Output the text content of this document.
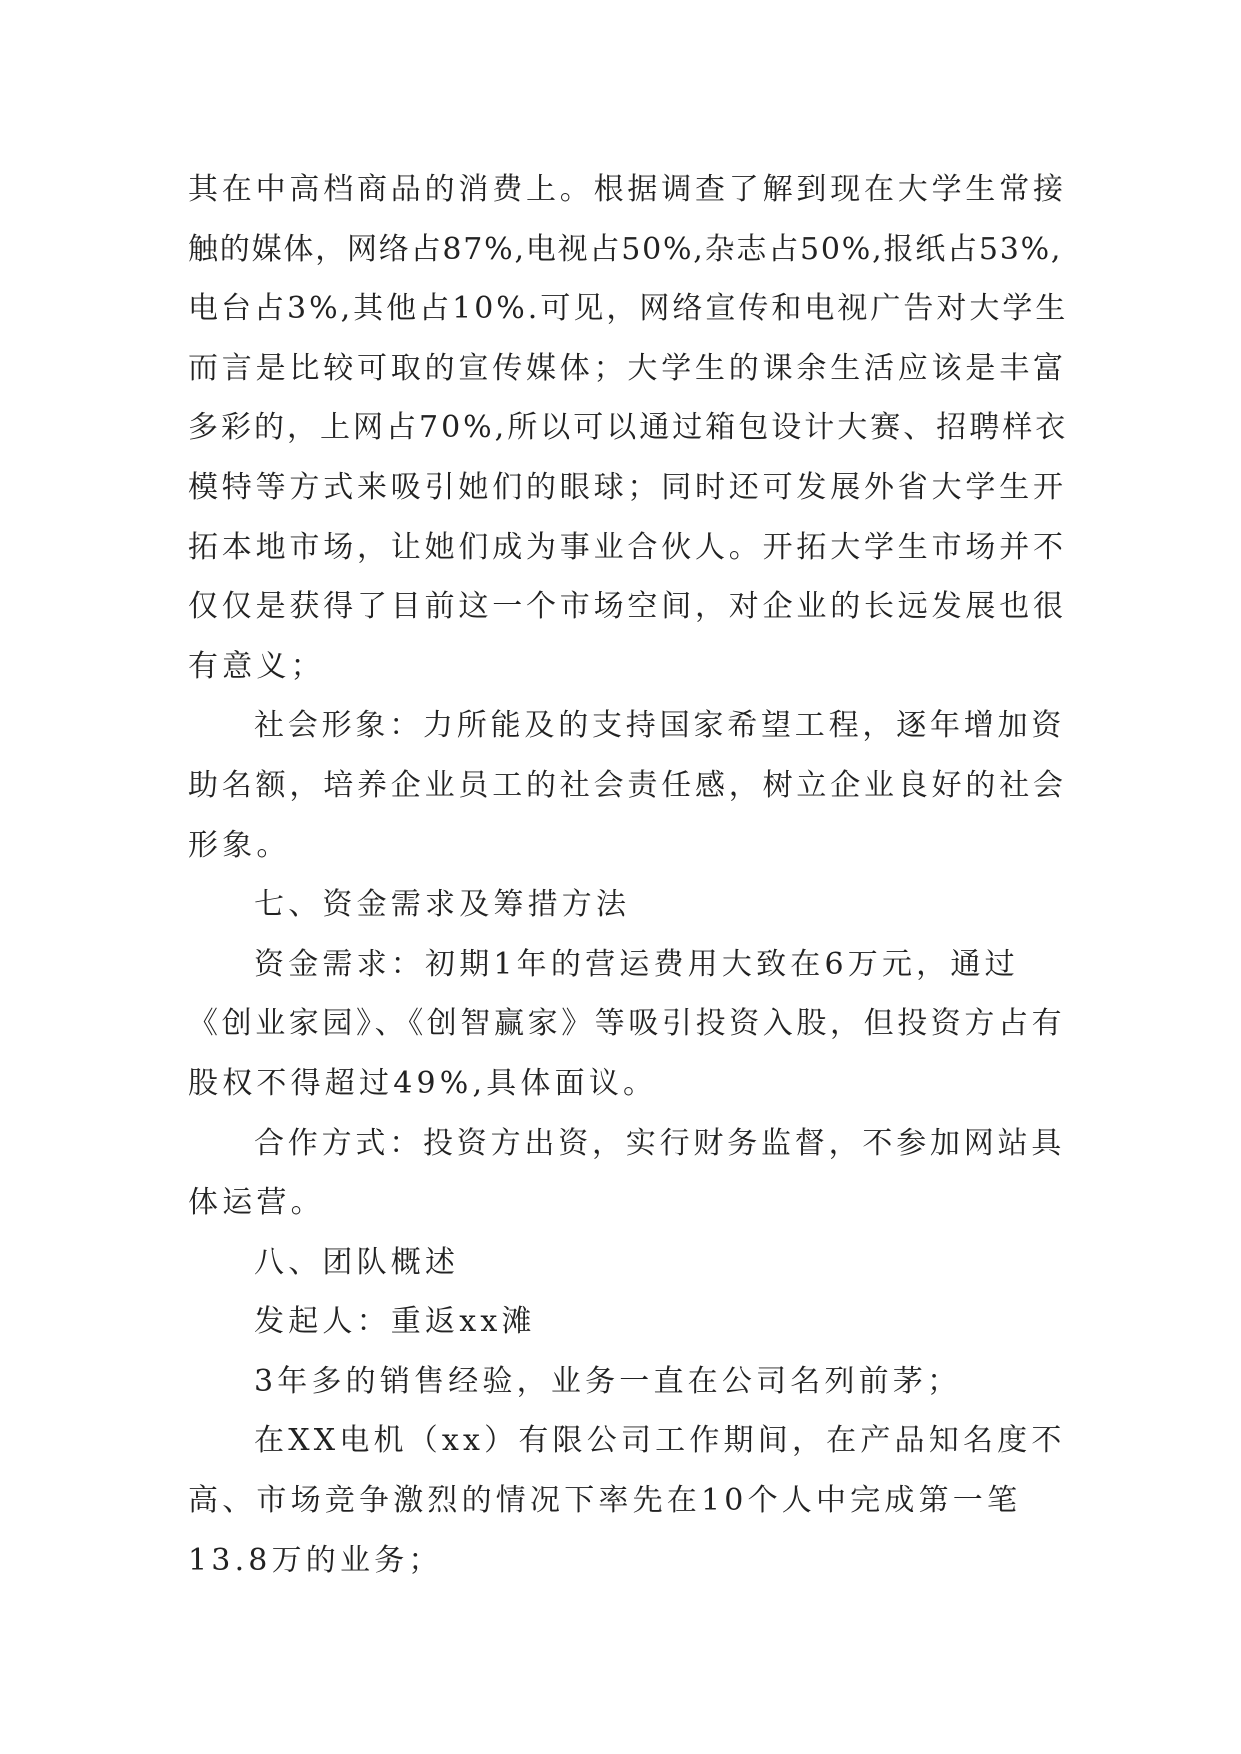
其在中高档商品的消费上。根据调查了解到现在大学生常接
触的媒体，网络占87%,电视占50%,杂志占50%,报纸占53%,
电台占3%,其他占10%.可见，网络宣传和电视广告对大学生
而言是比较可取的宣传媒体；大学生的课余生活应该是丰富
多彩的，上网占70%,所以可以通过箱包设计大赛、招聘样衣
模特等方式来吸引她们的眼球；同时还可发展外省大学生开
拓本地市场，让她们成为事业合伙人。开拓大学生市场并不
仅仅是获得了目前这一个市场空间，对企业的长远发展也很
有意义；
社会形象：力所能及的支持国家希望工程，逐年增加资
助名额，培养企业员工的社会责任感，树立企业良好的社会
形象。
七、资金需求及筹措方法
资金需求：初期1年的营运费用大致在6万元，通过
《创业家园》、《创智赢家》等吸引投资入股，但投资方占有
股权不得超过49%,具体面议。
合作方式：投资方出资，实行财务监督，不参加网站具
体运营。
八、团队概述
发起人：重返xx滩
3年多的销售经验，业务一直在公司名列前茅；
在XX电机（xx）有限公司工作期间，在产品知名度不
高、市场竞争激烈的情况下率先在10个人中完成第一笔
13.8万的业务；
